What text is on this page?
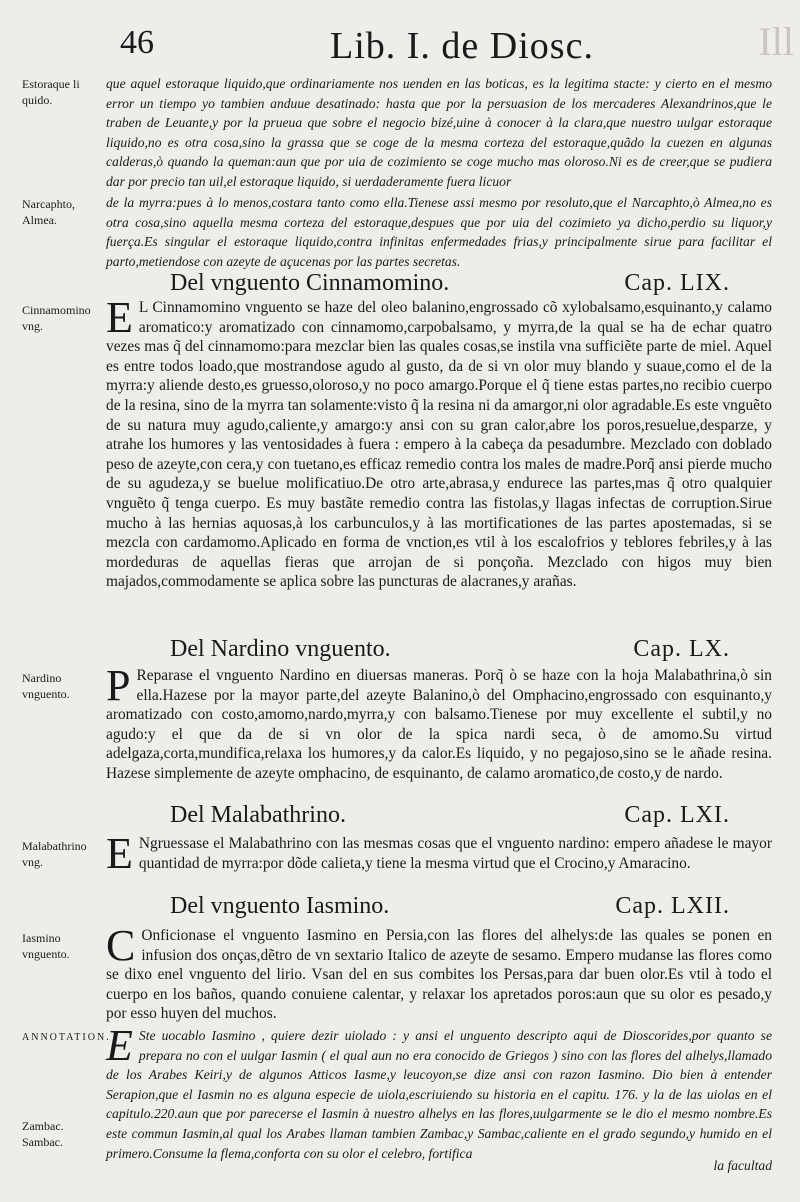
46	Lib. I. de Diosc.	Ill
Estoraque li quido.
que aquel estoraque liquido,que ordinariamente nos uenden en las boticas, es la legitima stacte: y cierto en el mesmo error un tiempo yo tambien anduue desatinado: hasta que por la persuasion de los mercaderes Alexandrinos,que le traben de Leuante,y por la prueua que sobre el negocio bizé,uine à conocer à la clara,que nuestro uulgar estoraque liquido,no es otra cosa,sino la grassa que se coge de la mesma corteza del estoraque,quãdo la cuezen en algunas calderas,ò quando la queman:aun que por uia de cozimiento se coge mucho mas oloroso.Ni es de creer,que se pudiera dar por precio tan uil,el estoraque liquido, si uerdaderamente fuera licuor
Narcaphto, Almea.
de la myrra:pues à lo menos,costara tanto como ella.Tienese assi mesmo por resoluto,que el Narcaphto,ò Almea,no es otra cosa,sino aquella mesma corteza del estoraque,despues que por uia del cozimieto ya dicho,perdio su liquor,y fuerça.Es singular el estoraque liquido,contra infinitas enfermedades frias,y principalmente sirue para facilitar el parto,metiendose con azeyte de açucenas por las partes secretas.
Del vnguento Cinnamomino.	Cap. LIX.
Cinnamomino vng.	E L Cinnamomino vnguento se haze del oleo balanino,engrossado cõ xylobalsamo,esquinanto,y calamo aromatico:y aromatizado con cinnamomo,carpobalsamo, y myrra,de la qual se ha de echar quatro vezes mas q̃ del cinnamomo:para mezclar bien las quales cosas,se instila vna sufficiẽte parte de miel. Aquel es entre todos loado,que mostrandose agudo al gusto, da de si vn olor muy blando y suaue,como el de la myrra:y aliende desto,es gruesso,oloroso,y no poco amargo.Porque el q̃ tiene estas partes,no recibio cuerpo de la resina, sino de la myrra tan solamente:visto q̃ la resina ni da amargor,ni olor agradable.Es este vnguẽto de su natura muy agudo,caliente,y amargo:y ansi con su gran calor,abre los poros,resuelue,desparze, y atrahe los humores y las ventosidades à fuera : empero à la cabeça da pesadumbre. Mezclado con doblado peso de azeyte,con cera,y con tuetano,es efficaz remedio contra los males de madre.Porq̃ ansi pierde mucho de su agudeza,y se buelue molificatiuo.De otro arte,abrasa,y endurece las partes,mas q̃ otro qualquier vnguẽto q̃ tenga cuerpo. Es muy bastãte remedio contra las fistolas,y llagas infectas de corruption.Sirue mucho à las hernias aquosas,à los carbunculos,y à las mortificationes de las partes apostemadas, si se mezcla con cardamomo.Aplicado en forma de vnction,es vtil à los escalofrios y teblores febriles,y à las mordeduras de aquellas fieras que arrojan de si ponçoña. Mezclado con higos muy bien majados,commodamente se aplica sobre las puncturas de alacranes,y arañas.
Del Nardino vnguento.	Cap. LX.
Nardino vnguento. P Reparase el vnguento Nardino en diuersas maneras. Porq̃ ò se haze con la hoja Malabathrina,ò sin ella.Hazese por la mayor parte,del azeyte Balanino,ò del Omphacino,engrossado con esquinanto,y aromatizado con costo,amomo,nardo,myrra,y con balsamo.Tienese por muy excellente el subtil,y no agudo:y el que da de si vn olor de la spica nardi seca, ò de amomo.Su virtud adelgaza,corta,mundifica,relaxa los humores,y da calor.Es liquido, y no pegajoso,sino se le añade resina. Hazese simplemente de azeyte omphacino, de esquinanto, de calamo aromatico,de costo,y de nardo.
Del Malabathrino.	Cap. LXI.
Malabathrino vng.	E Ngruessase el Malabathrino con las mesmas cosas que el vnguento nardino: empero añadese le mayor quantidad de myrra:por dõde calieta,y tiene la mesma virtud que el Crocino,y Amaracino.
Del vnguento Iasmino.	Cap. LXII.
Iasmino vnguento. C Onficionase el vnguento Iasmino en Persia,con las flores del alhelys:de las quales se ponen en infusion dos onças,dẽtro de vn sextario Italico de azeyte de sesamo. Empero mudanse las flores como se dixo enel vnguento del lirio. Vsan del en sus combites los Persas,para dar buen olor.Es vtil à todo el cuerpo en los baños, quando conuiene calentar, y relaxar los apretados poros:aun que su olor es pesado,y por esso huyen del muchos.
ANNOTATION.
Zambac. Sambac.
E Ste uocablo Iasmino , quiere dezir uiolado : y ansi el unguento descripto aqui de Dioscorides,por quanto se prepara no con el uulgar Iasmin ( el qual aun no era conocido de Griegos ) sino con las flores del alhelys,llamado de los Arabes Keiri,y de algunos Atticos Iasme,y leucoyon,se dize ansi con razon Iasmino. Dio bien à entender Serapion,que el Iasmin no es alguna especie de uiola,escriuiendo su historia en el capitu. 176. y la de las uiolas en el capitulo.220.aun que por parecerse el Iasmin à nuestro alhelys en las flores,uulgarmente se le dio el mesmo nombre.Es este commun Iasmin,al qual los Arabes llaman tambien Zambac,y Sambac,caliente en el grado segundo,y humido en el primero.Consume la flema,conforta con su olor el celebro, fortifica
la facultad
